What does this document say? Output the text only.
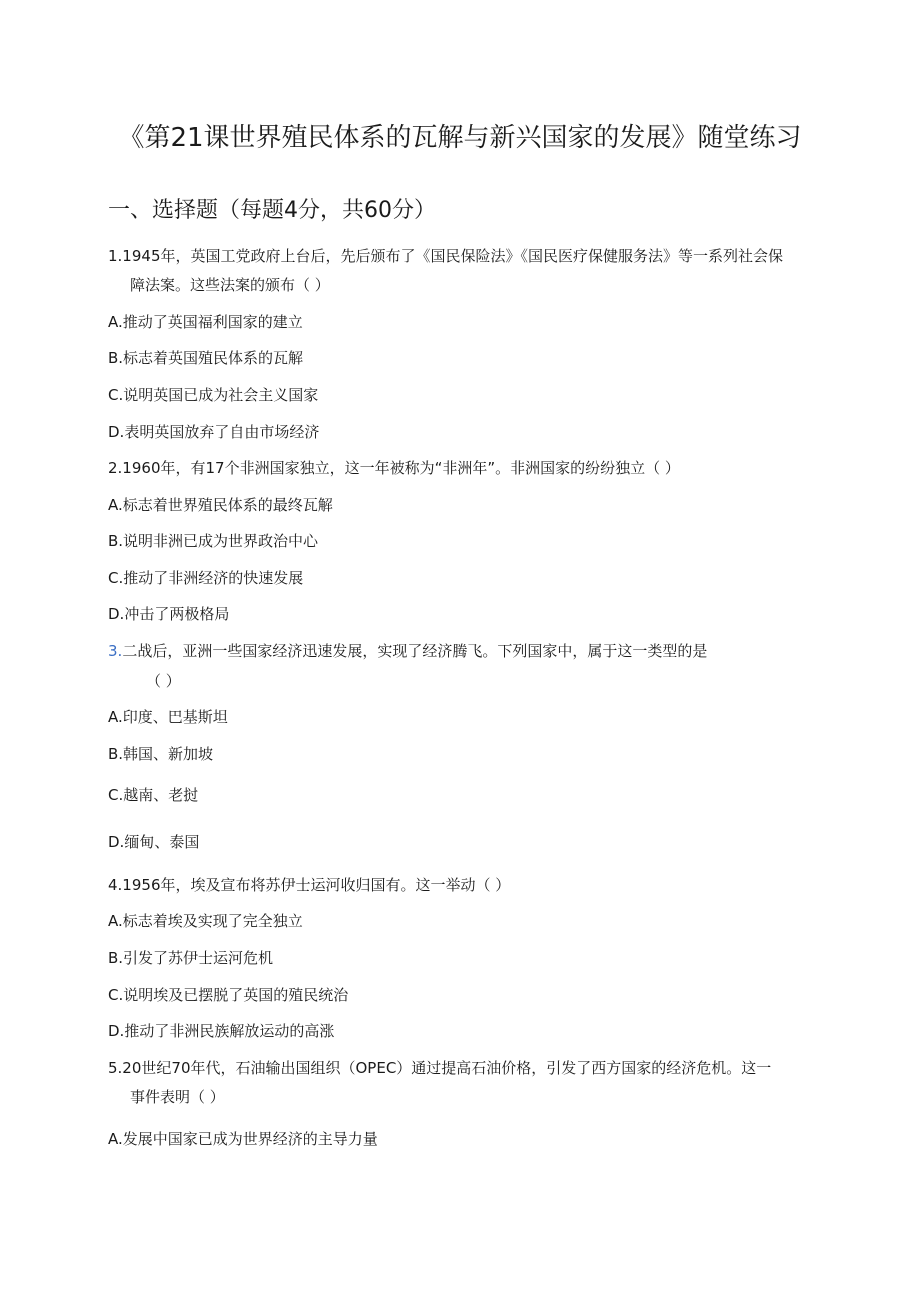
《第21课世界殖民体系的瓦解与新兴国家的发展》随堂练习
一、选择题（每题4分，共60分）
1.1945年，英国工党政府上台后，先后颁布了《国民保险法》《国民医疗保健服务法》等一系列社会保
障法案。这些法案的颁布（ ）
A.推动了英国福利国家的建立
B.标志着英国殖民体系的瓦解
C.说明英国已成为社会主义国家
D.表明英国放弃了自由市场经济
2.1960年，有17个非洲国家独立，这一年被称为“非洲年”。非洲国家的纷纷独立（ ）
A.标志着世界殖民体系的最终瓦解
B.说明非洲已成为世界政治中心
C.推动了非洲经济的快速发展
D.冲击了两极格局
3.二战后，亚洲一些国家经济迅速发展，实现了经济腾飞。下列国家中，属于这一类型的是
（ ）
A.印度、巴基斯坦
B.韩国、新加坡
C.越南、老挝
D.缅甸、泰国
4.1956年，埃及宣布将苏伊士运河收归国有。这一举动（ ）
A.标志着埃及实现了完全独立
B.引发了苏伊士运河危机
C.说明埃及已摆脱了英国的殖民统治
D.推动了非洲民族解放运动的高涨
5.20世纪70年代，石油输出国组织（OPEC）通过提高石油价格，引发了西方国家的经济危机。这一
事件表明（ ）
A.发展中国家已成为世界经济的主导力量
